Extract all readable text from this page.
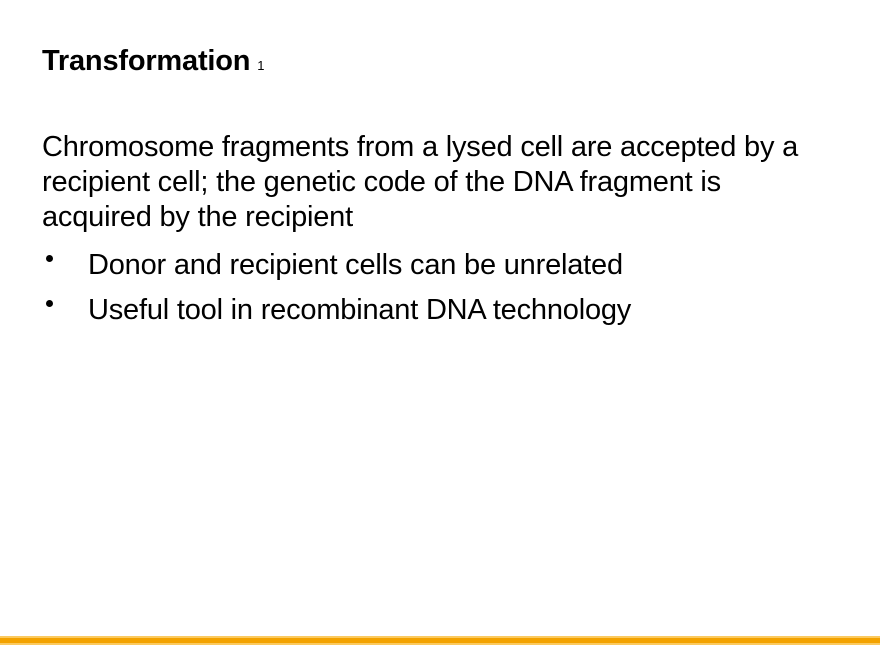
Transformation 1
Chromosome fragments from a lysed cell are accepted by a
recipient cell; the genetic code of the DNA fragment is
acquired by the recipient
Donor and recipient cells can be unrelated
Useful tool in recombinant DNA technology
